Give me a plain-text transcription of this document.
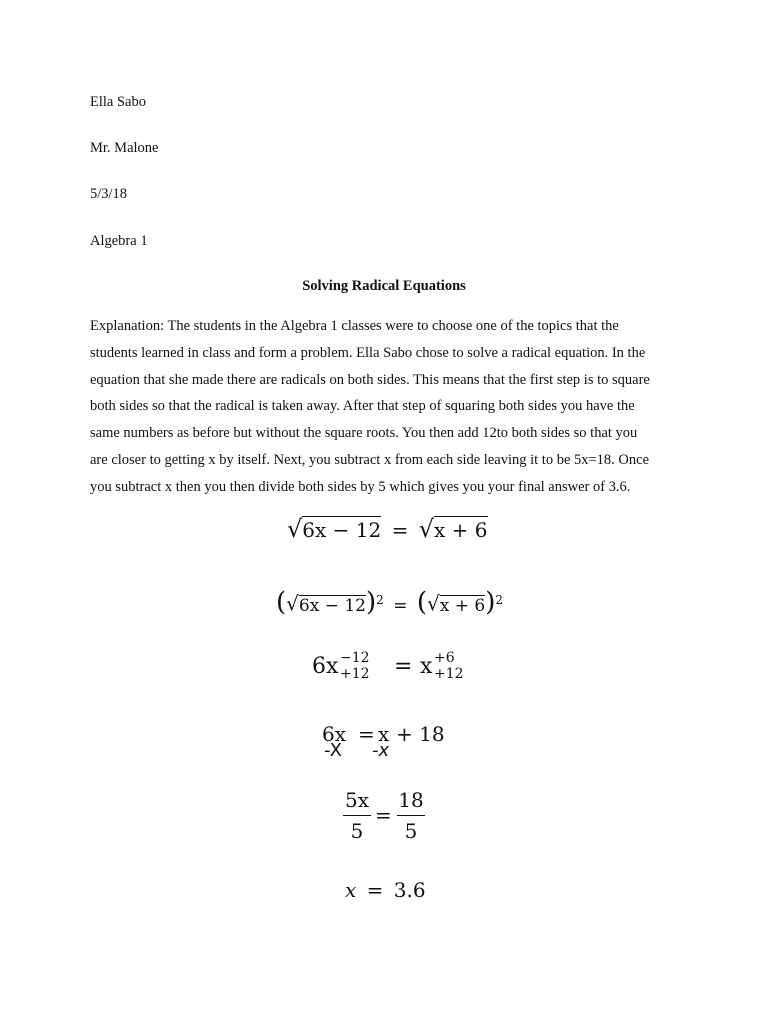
Ella Sabo

Mr. Malone

5/3/18

Algebra 1

Solving Radical Equations

Explanation: The students in the Algebra 1 classes were to choose one of the topics that the
students learned in class and form a problem. Ella Sabo chose to solve a radical equation. In the
equation that she made there are radicals on both sides. This means that the first step is to square
both sides so that the radical is taken away. After that step of squaring both sides you have the
same numbers as before but without the square roots. You then add 12to both sides so that you
are closer to getting x by itself. Next, you subtract x from each side leaving it to be 5x=18. Once
you subtract x then you then divide both sides by 5 which gives you your final answer of 3.6.
√6x − 12 = √x + 6
$(√6x - 12)^2 = (√x + 6)^2$
6x −12
+12 = x +6
+12
6x = x + 18
-X -x
5x
5
=
18
5
x = 3.6
